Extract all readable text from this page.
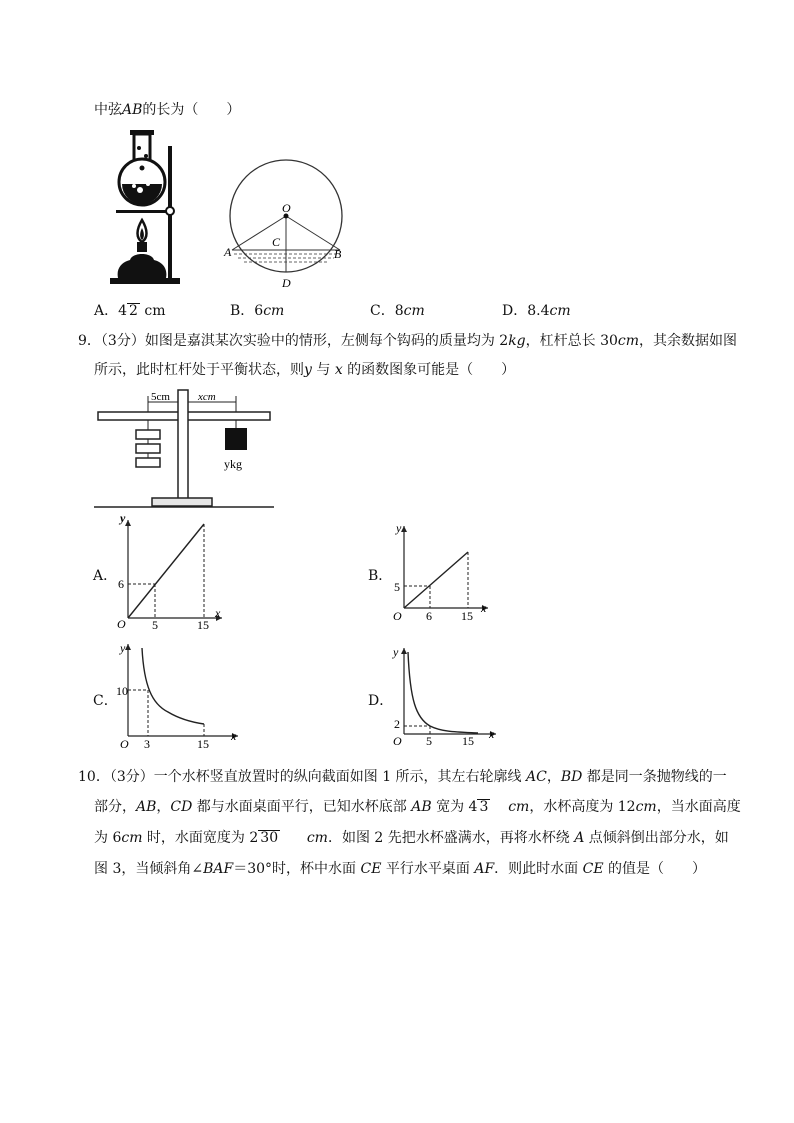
中弦AB的长为（　　）
O
A	B
C
D
A．4 2 cm	B．6cm	C．8cm	D．8.4cm
9．（3分）如图是嘉淇某次实验中的情形，左侧每个钩码的质量均为 2kg，杠杆总长 30cm，其余数据如图
所示，此时杠杆处于平衡状态，则y 与 x 的函数图象可能是（　　）
5cm	xcm
ykg
A．
y
x
O
6
5	15
B．
y
x
O
5
6 15
C．
y
x
O
10
3	15
D．
y
x
O
2
5	15
10．（3分）一个水杯竖直放置时的纵向截面如图 1 所示，其左右轮廓线 AC，BD 都是同一条抛物线的一
部分，AB，CD 都与水面桌面平行，已知水杯底部 AB 宽为 4 3 cm，水杯高度为 12cm，当水面高度
为 6cm 时，水面宽度为 2 30 cm．如图 2 先把水杯盛满水，再将水杯绕 A 点倾斜倒出部分水，如
图 3，当倾斜角∠BAF＝30°时，杯中水面 CE 平行水平桌面 AF．则此时水面 CE 的值是（　　）
